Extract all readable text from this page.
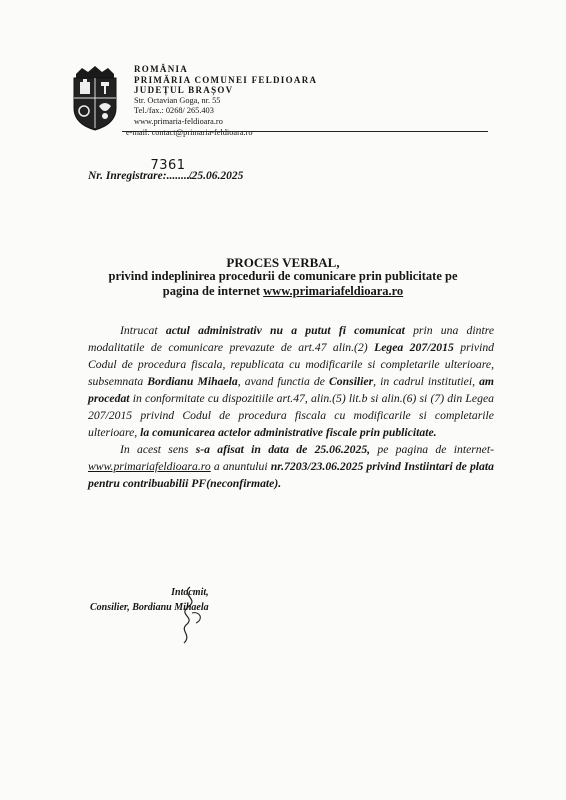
ROMÂNIA
PRIMĂRIA COMUNEI FELDIOARA
JUDEȚUL BRAȘOV
Str. Octavian Goga, nr. 55
Tel./fax.: 0268/ 265.403
www.primaria-feldioara.ro
e-mail: contact@primaria-feldioara.ro
Nr. Inregistrare:.........7361 /25.06.2025
PROCES VERBAL,
privind indeplinirea procedurii de comunicare prin publicitate pe
pagina de internet www.primariafeldioara.ro

Intrucat actul administrativ nu a putut fi comunicat prin una dintre modalitatile de comunicare prevazute de art.47 alin.(2) Legea 207/2015 privind Codul de procedura fiscala, republicata cu modificarile si completarile ulterioare, subsemnata Bordianu Mihaela, avand functia de Consilier, in cadrul institutiei, am procedat in conformitate cu dispozitiile art.47, alin.(5) lit.b si alin.(6) si (7) din Legea 207/2015 privind Codul de procedura fiscala cu modificarile si completarile ulterioare, la comunicarea actelor administrative fiscale prin publicitate.

In acest sens s-a afisat in data de 25.06.2025, pe pagina de internet- www.primariafeldioara.ro a anuntului nr.7203/23.06.2025 privind Instiintari de plata pentru contribuabilii PF(neconfirmate).

Intocmit,
Consilier, Bordianu Mihaela
